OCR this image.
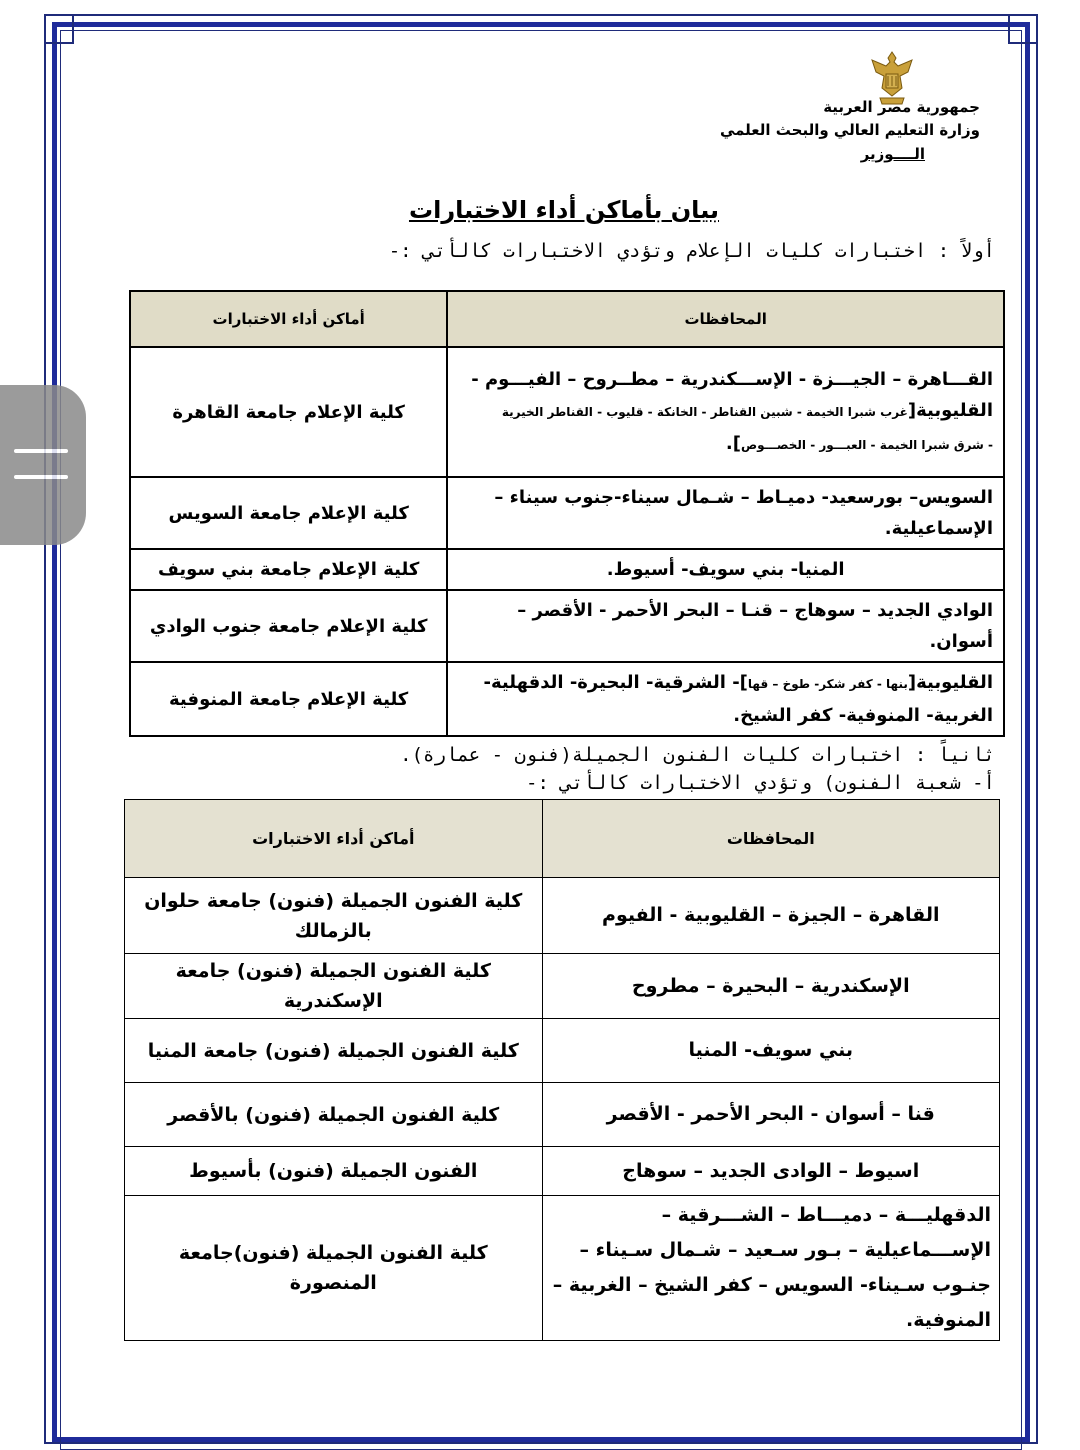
جمهورية مصر العربية
وزارة التعليم العالي والبحث العلمي
الــــوزير
بيان بأماكن أداء الاختبارات
أولاً : اختبارات كليات الإعلام وتؤدي الاختبارات كالأتي :-
المحافظات	أماكن أداء الاختبارات

القـــاهرة – الجيـــزة - الإســـكندرية – مطــروح – الفيـــوم -
القليوبية[غرب شبرا الخيمة - شبين القناطر - الخانكة - قليوب - القناطر الخيرية
- شرق شبرا الخيمة - العبـــور - الخصـــوص].	كلية الإعلام جامعة القاهرة
السويس– بورسعيد- دميـاط – شـمال سيناء-جنوب سيناء – الإسماعيلية.	كلية الإعلام جامعة السويس
المنيا- بني سويف- أسيوط.	كلية الإعلام جامعة بني سويف
الوادي الجديد – سوهاج – قنـا – البحر الأحمر - الأقصر – أسوان.	كلية الإعلام جامعة جنوب الوادي
القليوبية[بنها - كفر شكر- طوخ – قها]- الشرقية- البحيرة- الدقهلية- الغربية- المنوفية- كفر الشيخ.	كلية الإعلام جامعة المنوفية
ثانياً : اختبارات كليات الفنون الجميلة(فنون - عمارة).
أ- شعبة الفنون) وتؤدي الاختبارات كالأتي :-
المحافظات	أماكن أداء الاختبارات
القاهرة – الجيزة – القليوبية - الفيوم	كلية الفنون الجميلة (فنون) جامعة حلوان بالزمالك
الإسكندرية – البحيرة – مطروح	كلية الفنون الجميلة (فنون) جامعة الإسكندرية
بني سويف- المنيا	كلية الفنون الجميلة (فنون) جامعة المنيا
قنا – أسوان - البحر الأحمر - الأقصر	كلية الفنون الجميلة (فنون) بالأقصر
اسيوط – الوادى الجديد – سوهاج	الفنون الجميلة (فنون) بأسيوط
الدقهليـــة – دميـــاط – الشـــرقية – الإســـماعيلية – بـور سـعيد – شـمال سـيناء – جنـوب سـيناء- السويس – كفر الشيخ – الغربية – المنوفية.	كلية الفنون الجميلة (فنون)جامعة المنصورة
